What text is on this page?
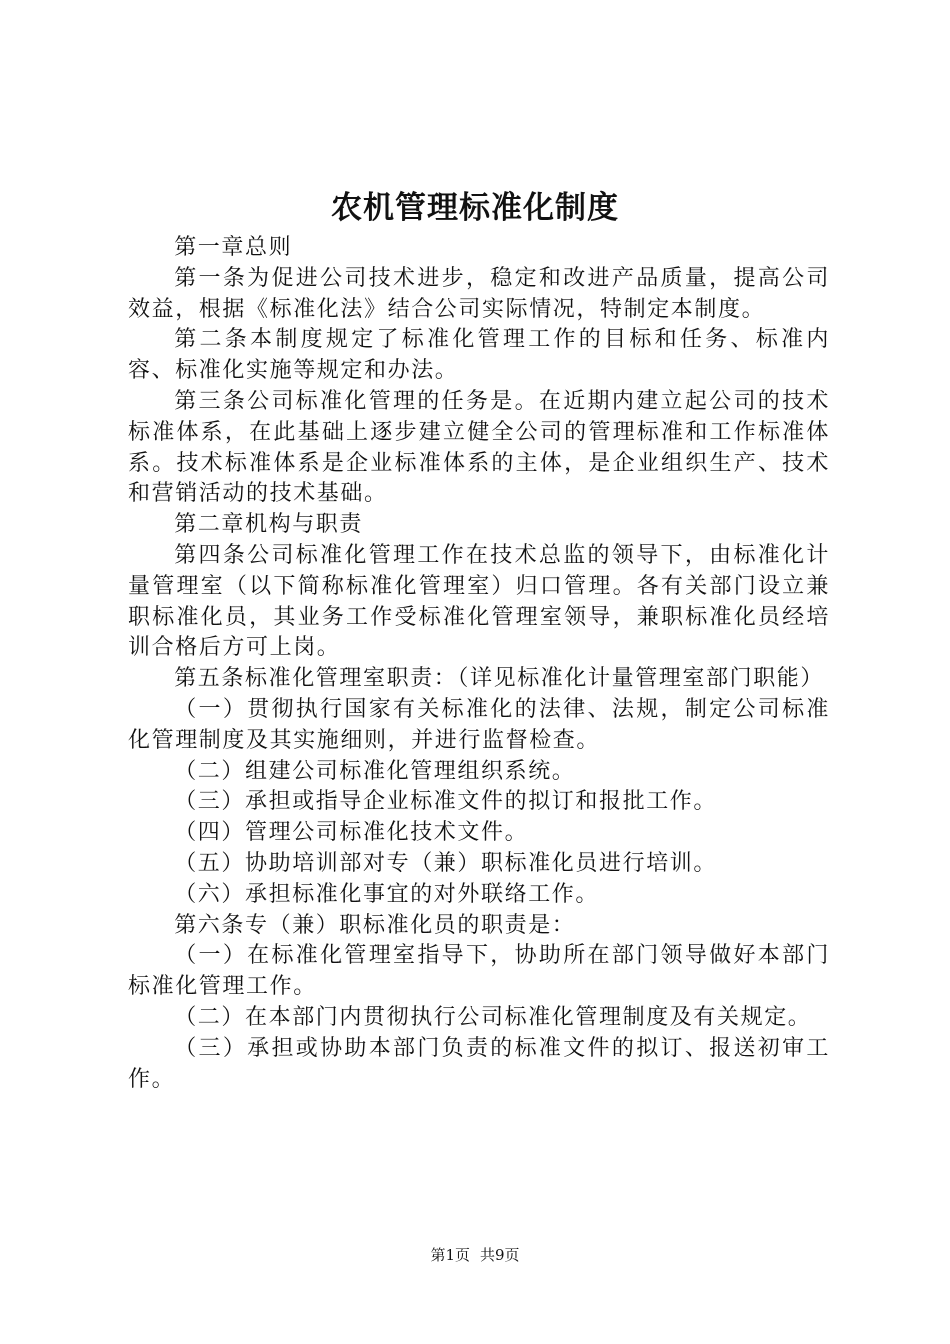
农机管理标准化制度

第一章总则

第一条为促进公司技术进步，稳定和改进产品质量，提高公司效益，根据《标准化法》结合公司实际情况，特制定本制度。

第二条本制度规定了标准化管理工作的目标和任务、标准内容、标准化实施等规定和办法。

第三条公司标准化管理的任务是。在近期内建立起公司的技术标准体系，在此基础上逐步建立健全公司的管理标准和工作标准体系。技术标准体系是企业标准体系的主体，是企业组织生产、技术和营销活动的技术基础。

第二章机构与职责

第四条公司标准化管理工作在技术总监的领导下，由标准化计量管理室（以下简称标准化管理室）归口管理。各有关部门设立兼职标准化员，其业务工作受标准化管理室领导，兼职标准化员经培训合格后方可上岗。

第五条标准化管理室职责：（详见标准化计量管理室部门职能）

（一）贯彻执行国家有关标准化的法律、法规，制定公司标准化管理制度及其实施细则，并进行监督检查。

（二）组建公司标准化管理组织系统。

（三）承担或指导企业标准文件的拟订和报批工作。

（四）管理公司标准化技术文件。

（五）协助培训部对专（兼）职标准化员进行培训。

（六）承担标准化事宜的对外联络工作。

第六条专（兼）职标准化员的职责是：

（一）在标准化管理室指导下，协助所在部门领导做好本部门标准化管理工作。

（二）在本部门内贯彻执行公司标准化管理制度及有关规定。

（三）承担或协助本部门负责的标准文件的拟订、报送初审工作。

第1页 共9页
